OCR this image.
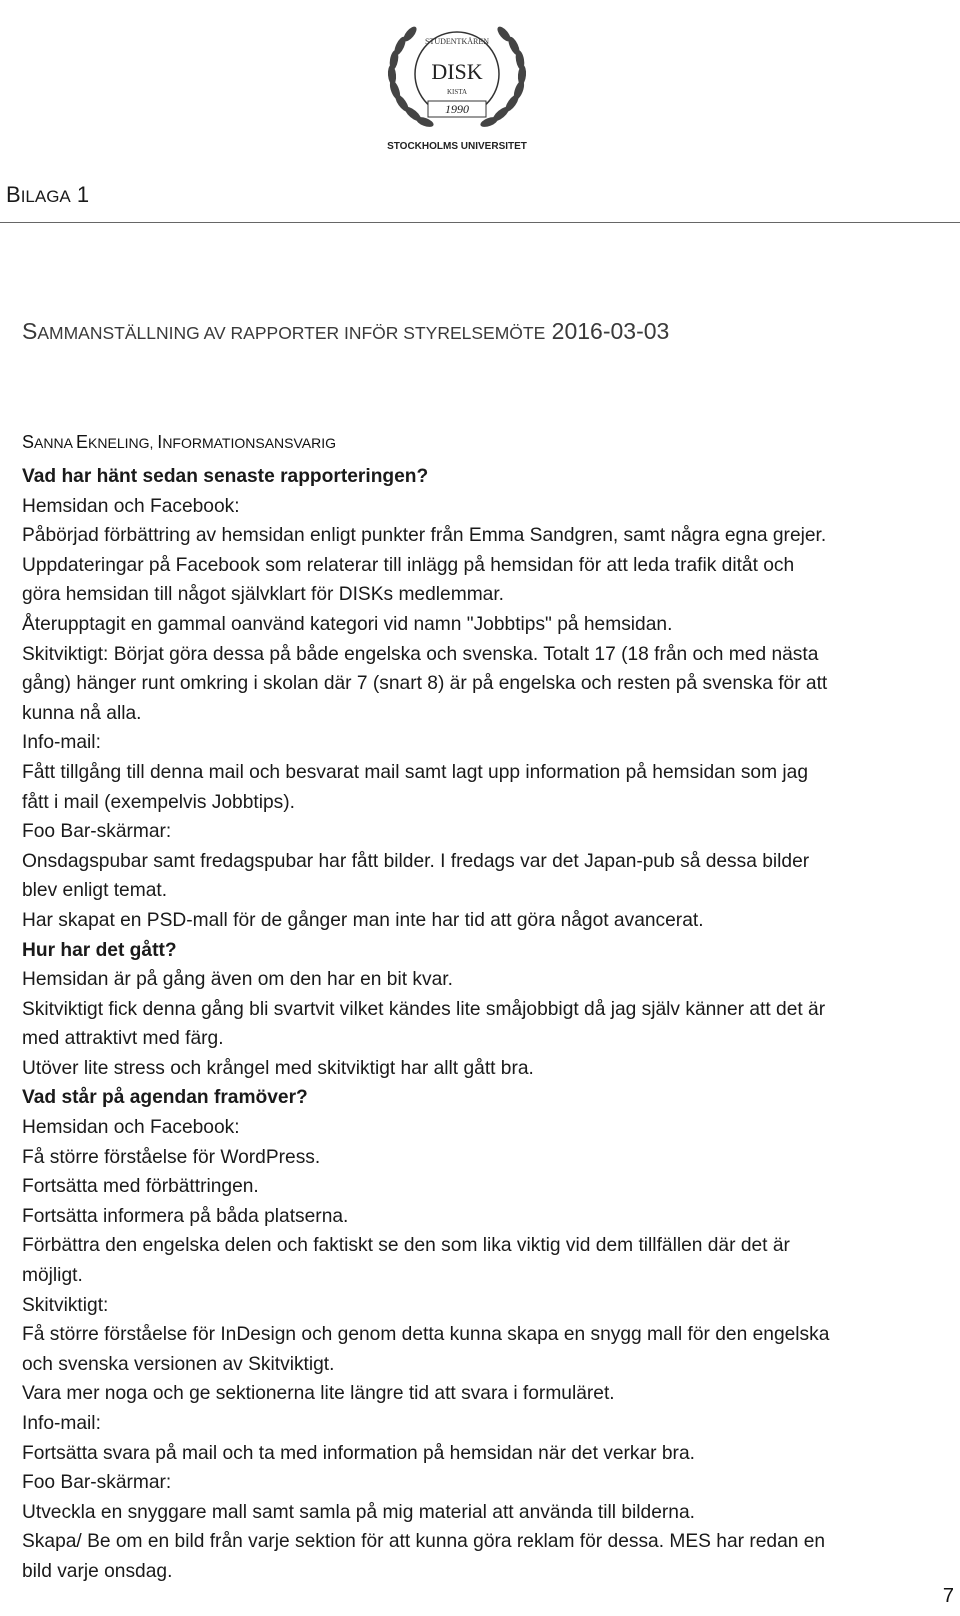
STUDENTKÅREN
DISK
KISTA
1990
STOCKHOLMS UNIVERSITET
BILAGA 1
SAMMANSTÄLLNING AV RAPPORTER INFÖR STYRELSEMÖTE 2016-03-03
SANNA EKNELING, INFORMATIONSANSVARIG
Vad har hänt sedan senaste rapporteringen?
Hemsidan och Facebook:
Påbörjad förbättring av hemsidan enligt punkter från Emma Sandgren, samt några egna grejer.
Uppdateringar på Facebook som relaterar till inlägg på hemsidan för att leda trafik ditåt och
göra hemsidan till något självklart för DISKs medlemmar.
Återupptagit en gammal oanvänd kategori vid namn "Jobbtips" på hemsidan.
Skitviktigt: Börjat göra dessa på både engelska och svenska. Totalt 17 (18 från och med nästa
gång) hänger runt omkring i skolan där 7 (snart 8) är på engelska och resten på svenska för att
kunna nå alla.
Info-mail:
Fått tillgång till denna mail och besvarat mail samt lagt upp information på hemsidan som jag
fått i mail (exempelvis Jobbtips).
Foo Bar-skärmar:
Onsdagspubar samt fredagspubar har fått bilder. I fredags var det Japan-pub så dessa bilder
blev enligt temat.
Har skapat en PSD-mall för de gånger man inte har tid att göra något avancerat.
Hur har det gått?
Hemsidan är på gång även om den har en bit kvar.
Skitviktigt fick denna gång bli svartvit vilket kändes lite småjobbigt då jag själv känner att det är
med attraktivt med färg.
Utöver lite stress och krångel med skitviktigt har allt gått bra.
Vad står på agendan framöver?
Hemsidan och Facebook:
Få större förståelse för WordPress.
Fortsätta med förbättringen.
Fortsätta informera på båda platserna.
Förbättra den engelska delen och faktiskt se den som lika viktig vid dem tillfällen där det är
möjligt.
Skitviktigt:
Få större förståelse för InDesign och genom detta kunna skapa en snygg mall för den engelska
och svenska versionen av Skitviktigt.
Vara mer noga och ge sektionerna lite längre tid att svara i formuläret.
Info-mail:
Fortsätta svara på mail och ta med information på hemsidan när det verkar bra.
Foo Bar-skärmar:
Utveckla en snyggare mall samt samla på mig material att använda till bilderna.
Skapa/ Be om en bild från varje sektion för att kunna göra reklam för dessa. MES har redan en
bild varje onsdag.
7
